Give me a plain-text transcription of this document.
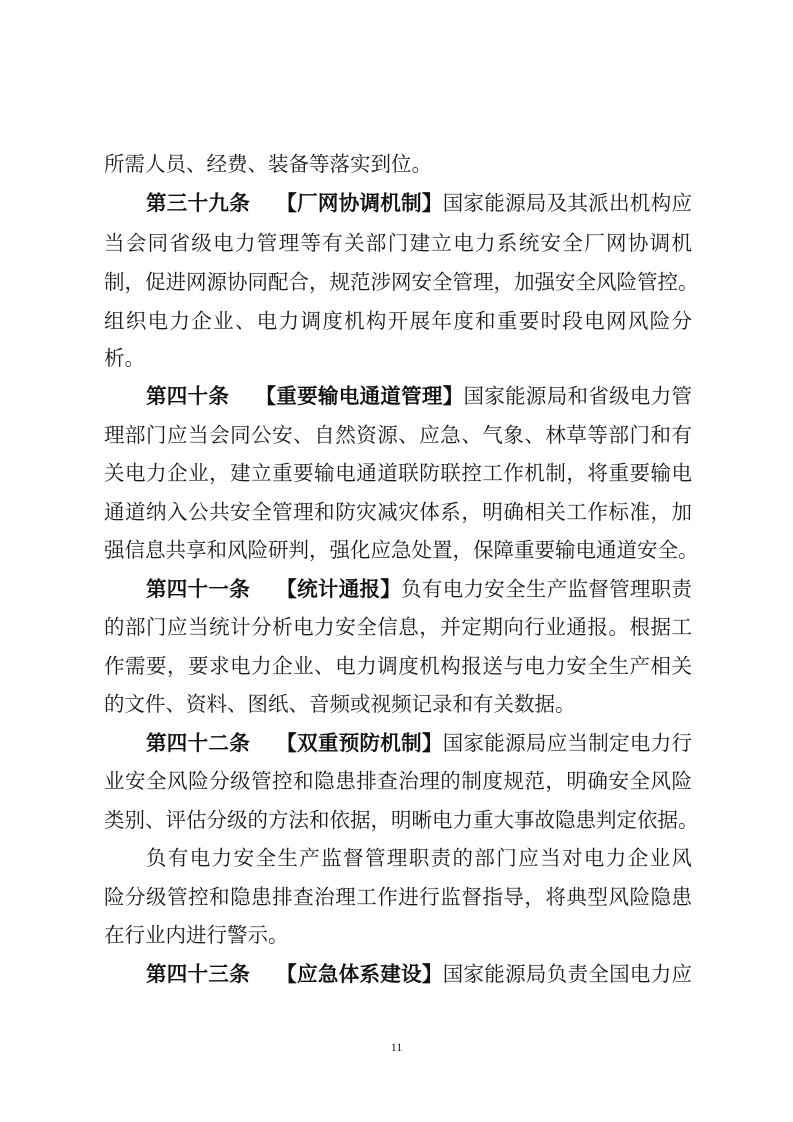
所需人员、经费、装备等落实到位。
第三十九条 【厂网协调机制】国家能源局及其派出机构应
当会同省级电力管理等有关部门建立电力系统安全厂网协调机
制，促进网源协同配合，规范涉网安全管理，加强安全风险管控。
组织电力企业、电力调度机构开展年度和重要时段电网风险分
析。
第四十条 【重要输电通道管理】国家能源局和省级电力管
理部门应当会同公安、自然资源、应急、气象、林草等部门和有
关电力企业，建立重要输电通道联防联控工作机制，将重要输电
通道纳入公共安全管理和防灾减灾体系，明确相关工作标准，加
强信息共享和风险研判，强化应急处置，保障重要输电通道安全。
第四十一条 【统计通报】负有电力安全生产监督管理职责
的部门应当统计分析电力安全信息，并定期向行业通报。根据工
作需要，要求电力企业、电力调度机构报送与电力安全生产相关
的文件、资料、图纸、音频或视频记录和有关数据。
第四十二条 【双重预防机制】国家能源局应当制定电力行
业安全风险分级管控和隐患排查治理的制度规范，明确安全风险
类别、评估分级的方法和依据，明晰电力重大事故隐患判定依据。
负有电力安全生产监督管理职责的部门应当对电力企业风
险分级管控和隐患排查治理工作进行监督指导，将典型风险隐患
在行业内进行警示。
第四十三条 【应急体系建设】国家能源局负责全国电力应
11
